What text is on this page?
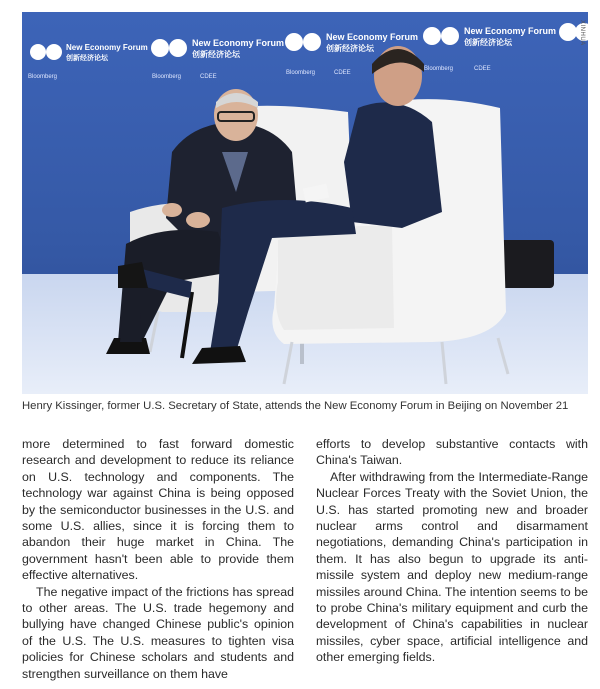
New Economy Forum
创新经济论坛
Bloomberg
New Economy Forum
创新经济论坛
Bloomberg	CDEE
New Economy Forum
创新经济论坛
Bloomberg	CDEE
New Economy Forum
创新经济论坛
Bloomberg	CDEE
XINHUA
Henry Kissinger, former U.S. Secretary of State, attends the New Economy Forum in Beijing on November 21

more determined to fast forward domestic research and development to reduce its reliance on U.S. technology and components. The technology war against China is being opposed by the semiconductor businesses in the U.S. and some U.S. allies, since it is forcing them to abandon their huge market in China. The government hasn't been able to provide them effective alternatives.

The negative impact of the frictions has spread to other areas. The U.S. trade hegemony and bullying have changed Chinese public's opinion of the U.S. The U.S. measures to tighten visa policies for Chinese scholars and students and strengthen surveillance on them have

efforts to develop substantive contacts with China's Taiwan.

After withdrawing from the Intermediate-Range Nuclear Forces Treaty with the Soviet Union, the U.S. has started promoting new and broader nuclear arms control and disarmament negotiations, demanding China's participation in them. It has also begun to upgrade its anti-missile system and deploy new medium-range missiles around China. The intention seems to be to probe China's military equipment and curb the development of China's capabilities in nuclear missiles, cyber space, artificial intelligence and other emerging fields.
